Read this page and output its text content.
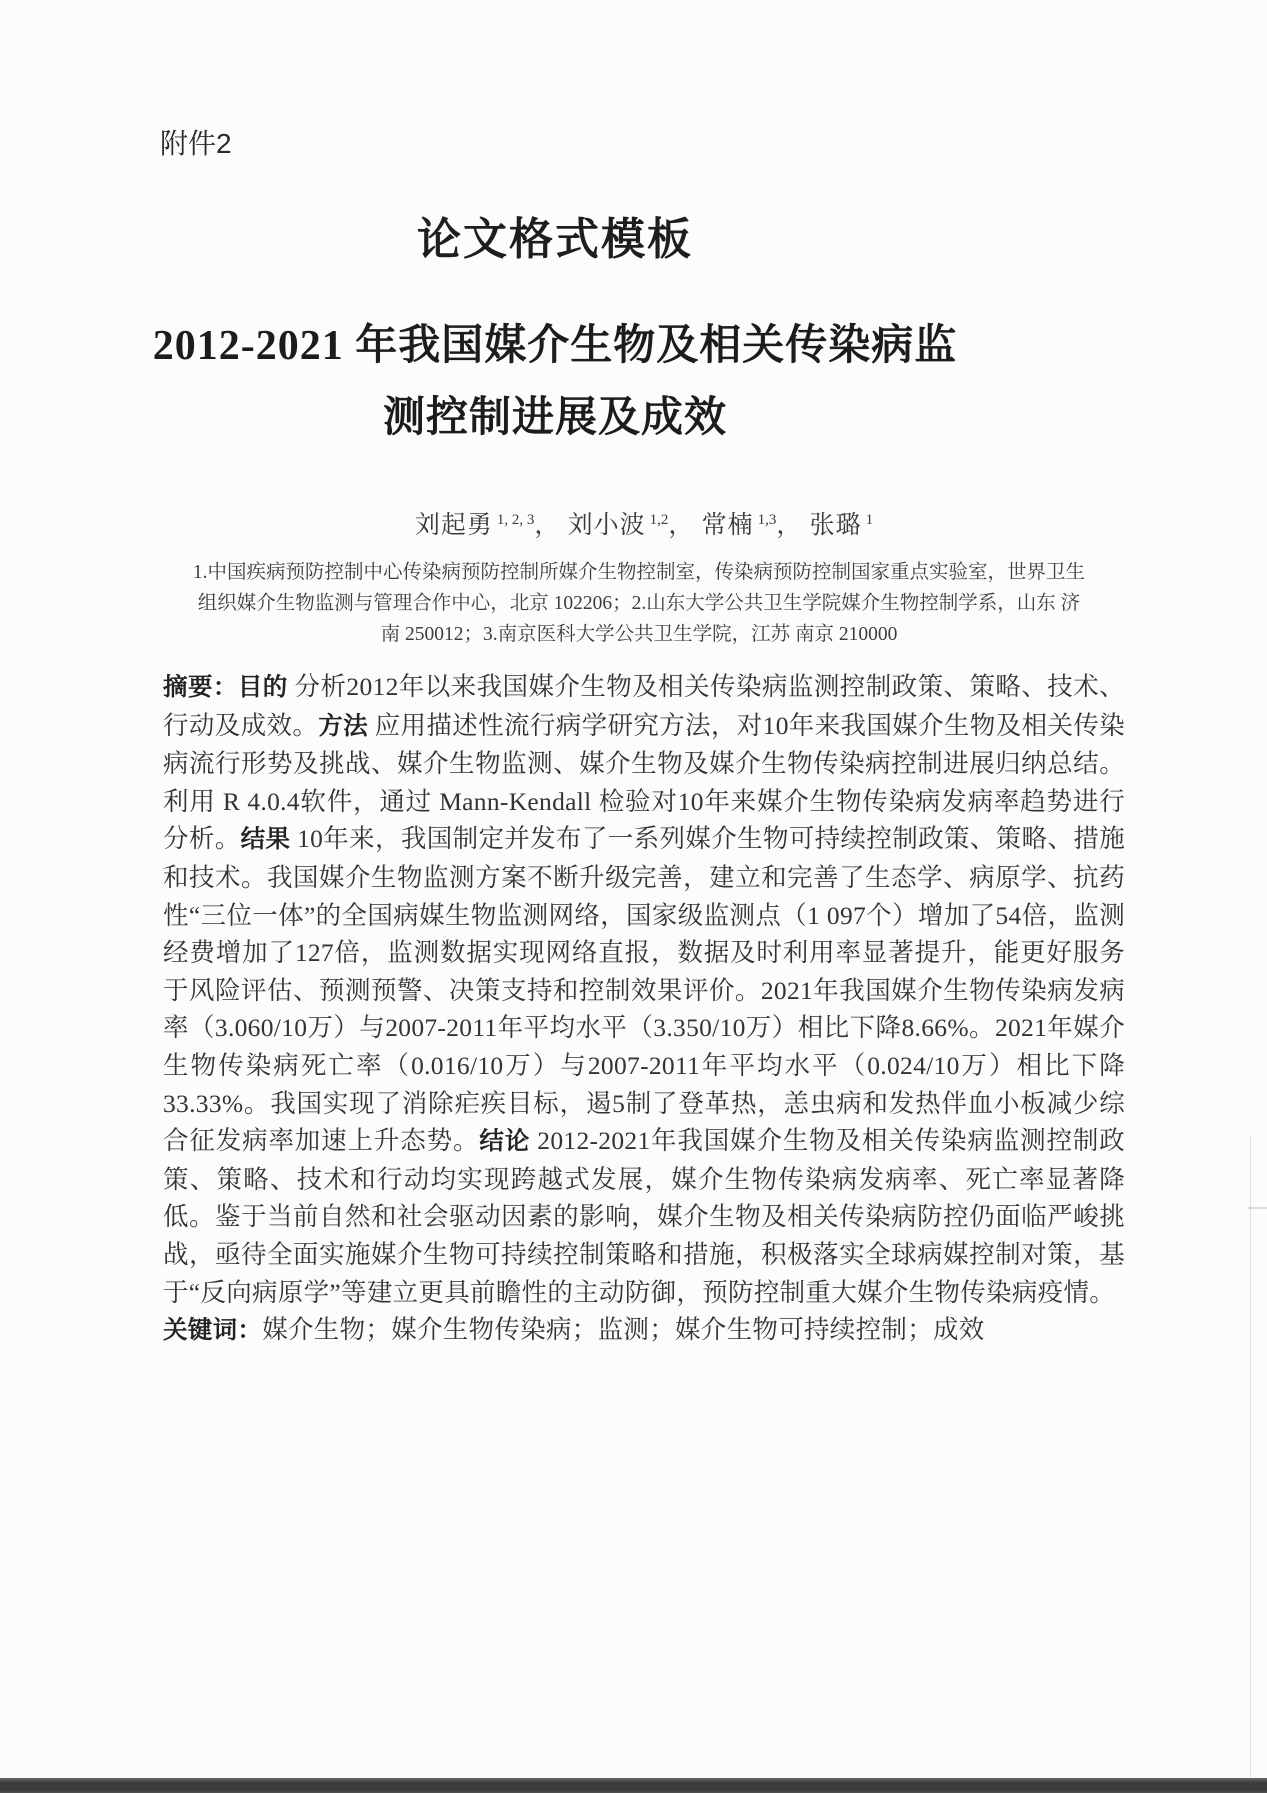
附件2
论文格式模板
2012-2021 年我国媒介生物及相关传染病监
测控制进展及成效
刘起勇 $^{1, 2, 3}$， 刘小波 $^{1,2}$， 常楠 $^{1,3}$， 张璐 $^1$
1.中国疾病预防控制中心传染病预防控制所媒介生物控制室，传染病预防控制国家重点实验室，世界卫生
组织媒介生物监测与管理合作中心，北京 102206；2.山东大学公共卫生学院媒介生物控制学系，山东 济
南 250012；3.南京医科大学公共卫生学院，江苏 南京 210000

摘要：目的 分析2012年以来我国媒介生物及相关传染病监测控制政策、策略、技术、行动及成效。方法 应用描述性流行病学研究方法，对10年来我国媒介生物及相关传染病流行形势及挑战、媒介生物监测、媒介生物及媒介生物传染病控制进展归纳总结。利用 R 4.0.4软件，通过 Mann-Kendall 检验对10年来媒介生物传染病发病率趋势进行分析。结果 10年来，我国制定并发布了一系列媒介生物可持续控制政策、策略、措施和技术。我国媒介生物监测方案不断升级完善，建立和完善了生态学、病原学、抗药性“三位一体”的全国病媒生物监测网络，国家级监测点（1 097个）增加了54倍，监测经费增加了127倍，监测数据实现网络直报，数据及时利用率显著提升，能更好服务于风险评估、预测预警、决策支持和控制效果评价。2021年我国媒介生物传染病发病率（3.060/10万）与2007-2011年平均水平（3.350/10万）相比下降8.66%。2021年媒介生物传染病死亡率（0.016/10万）与2007-2011年平均水平（0.024/10万）相比下降33.33%。我国实现了消除疟疾目标，遏5制了登革热，恙虫病和发热伴血小板减少综合征发病率加速上升态势。结论 2012-2021年我国媒介生物及相关传染病监测控制政策、策略、技术和行动均实现跨越式发展，媒介生物传染病发病率、死亡率显著降低。鉴于当前自然和社会驱动因素的影响，媒介生物及相关传染病防控仍面临严峻挑战，亟待全面实施媒介生物可持续控制策略和措施，积极落实全球病媒控制对策，基于“反向病原学”等建立更具前瞻性的主动防御，预防控制重大媒介生物传染病疫情。

关键词：媒介生物；媒介生物传染病；监测；媒介生物可持续控制；成效
